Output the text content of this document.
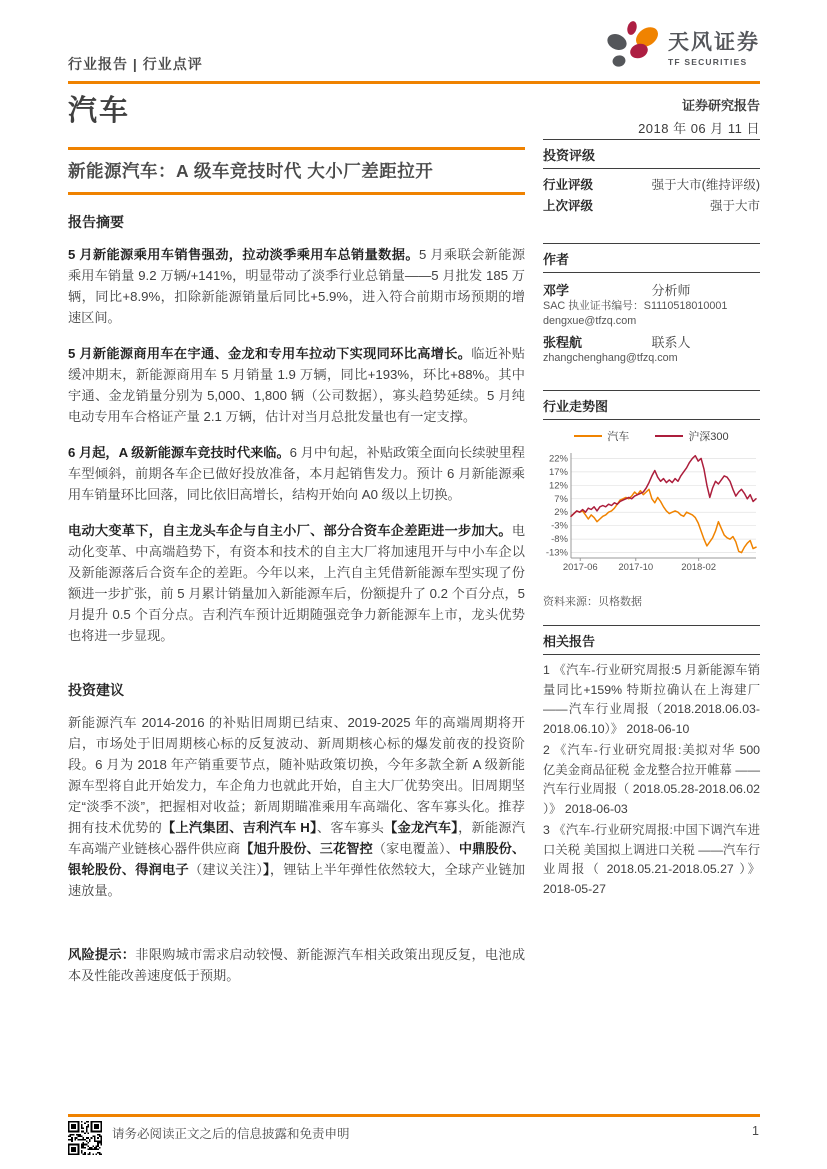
行业报告 | 行业点评
天风证券
TF SECURITIES
汽车	证券研究报告
2018 年 06 月 11 日
新能源汽车：A 级车竞技时代 大小厂差距拉开
报告摘要

5 月新能源乘用车销售强劲，拉动淡季乘用车总销量数据。5 月乘联会新能源乘用车销量 9.2 万辆/+141%，明显带动了淡季行业总销量——5 月批发 185 万辆，同比+8.9%，扣除新能源销量后同比+5.9%，进入符合前期市场预期的增速区间。

5 月新能源商用车在宇通、金龙和专用车拉动下实现同环比高增长。临近补贴缓冲期末，新能源商用车 5 月销量 1.9 万辆，同比+193%，环比+88%。其中宇通、金龙销量分别为 5,000、1,800 辆（公司数据），寡头趋势延续。5 月纯电动专用车合格证产量 2.1 万辆，估计对当月总批发量也有一定支撑。

6 月起，A 级新能源车竞技时代来临。6 月中旬起，补贴政策全面向长续驶里程车型倾斜，前期各车企已做好投放准备，本月起销售发力。预计 6 月新能源乘用车销量环比回落，同比依旧高增长，结构开始向 A0 级以上切换。

电动大变革下，自主龙头车企与自主小厂、部分合资车企差距进一步加大。电动化变革、中高端趋势下，有资本和技术的自主大厂将加速甩开与中小车企以及新能源落后合资车企的差距。今年以来，上汽自主凭借新能源车型实现了份额进一步扩张，前 5 月累计销量加入新能源车后，份额提升了 0.2 个百分点，5 月提升 0.5 个百分点。吉利汽车预计近期随强竞争力新能源车上市，龙头优势也将进一步显现。

投资建议

新能源汽车 2014-2016 的补贴旧周期已结束、2019-2025 年的高端周期将开启，市场处于旧周期核心标的反复波动、新周期核心标的爆发前夜的投资阶段。6 月为 2018 年产销重要节点，随补贴政策切换，今年多款全新 A 级新能源车型将自此开始发力，车企角力也就此开始，自主大厂优势突出。旧周期坚定“淡季不淡”，把握相对收益；新周期瞄准乘用车高端化、客车寡头化。推荐拥有技术优势的【上汽集团、吉利汽车 H】、客车寡头【金龙汽车】，新能源汽车高端产业链核心器件供应商【旭升股份、三花智控（家电覆盖）、中鼎股份、银轮股份、得润电子（建议关注）】，锂钴上半年弹性依然较大，全球产业链加速放量。

风险提示：非限购城市需求启动较慢、新能源汽车相关政策出现反复，电池成本及性能改善速度低于预期。

投资评级
行业评级	强于大市(维持评级)
上次评级	强于大市
作者
邓学	分析师
SAC 执业证书编号：S1110518010001
dengxue@tfzq.com
张程航	联系人
zhangchenghang@tfzq.com
行业走势图
汽车	沪深300
22%
17%
12%
7%
2%
-3%
-8%
-13%
2017-06 2017-10	2018-02
资料来源：贝格数据
相关报告

1 《汽车-行业研究周报:5 月新能源车销量同比+159% 特斯拉确认在上海建厂 ——汽车行业周报（2018.2018.06.03-2018.06.10）》 2018-06-10

2 《汽车-行业研究周报:美拟对华 500 亿美金商品征税 金龙整合拉开帷幕 ——汽车行业周报（ 2018.05.28-2018.06.02 ）》 2018-06-03

3 《汽车-行业研究周报:中国下调汽车进口关税 美国拟上调进口关税 ——汽车行业周报（ 2018.05.21-2018.05.27 ）》 2018-05-27

请务必阅读正文之后的信息披露和免责申明	1
